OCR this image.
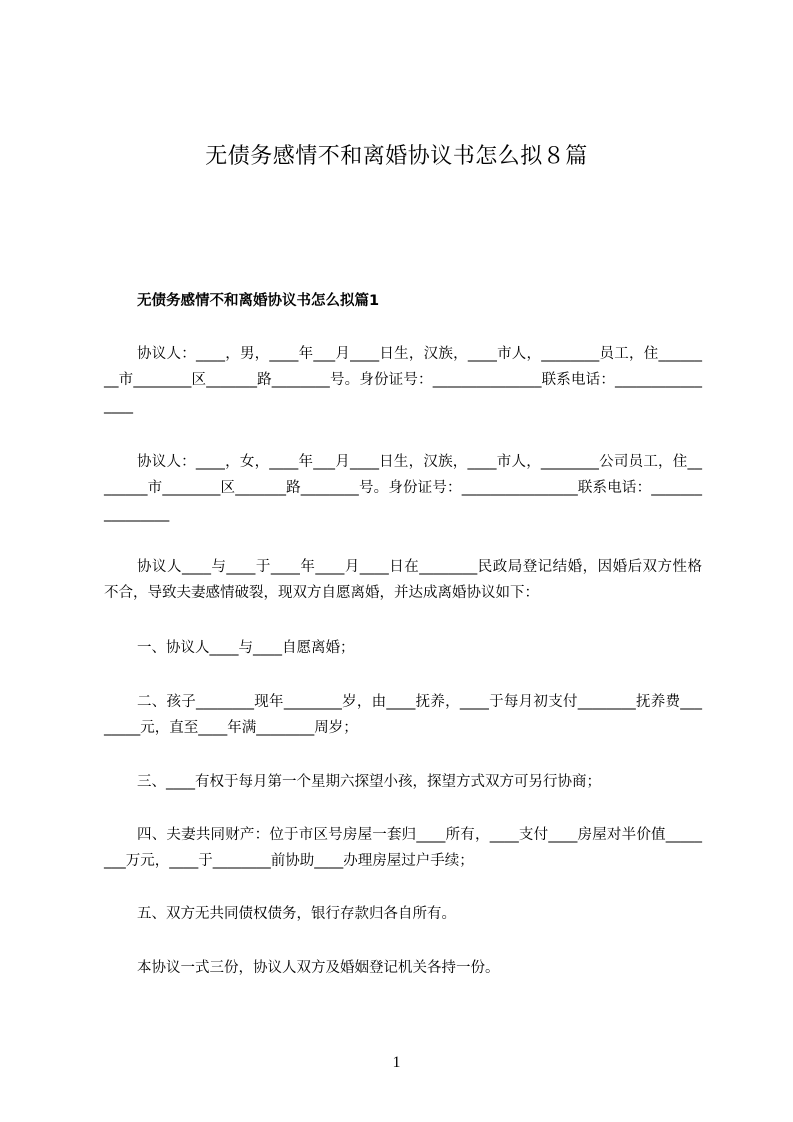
无债务感情不和离婚协议书怎么拟８篇
无债务感情不和离婚协议书怎么拟篇1

协议人：____，男，____年___月____日生，汉族，____市人，________员工，住________市________区_______路________号。身份证号：_______________联系电话：________________

协议人：____，女，____年___月____日生，汉族，____市人，________公司员工，住________市________区_______路________号。身份证号：________________联系电话：________________

协议人____与____于____年____月____日在________民政局登记结婚，因婚后双方性格不合，导致夫妻感情破裂，现双方自愿离婚，并达成离婚协议如下：

一、协议人____与____自愿离婚；

二、孩子________现年________岁，由____抚养，____于每月初支付________抚养费________元，直至____年满________周岁；

三、____有权于每月第一个星期六探望小孩，探望方式双方可另行协商；

四、夫妻共同财产：位于市区号房屋一套归____所有，____支付____房屋对半价值________万元，____于________前协助____办理房屋过户手续；

五、双方无共同债权债务，银行存款归各自所有。

本协议一式三份，协议人双方及婚姻登记机关各持一份。

1
